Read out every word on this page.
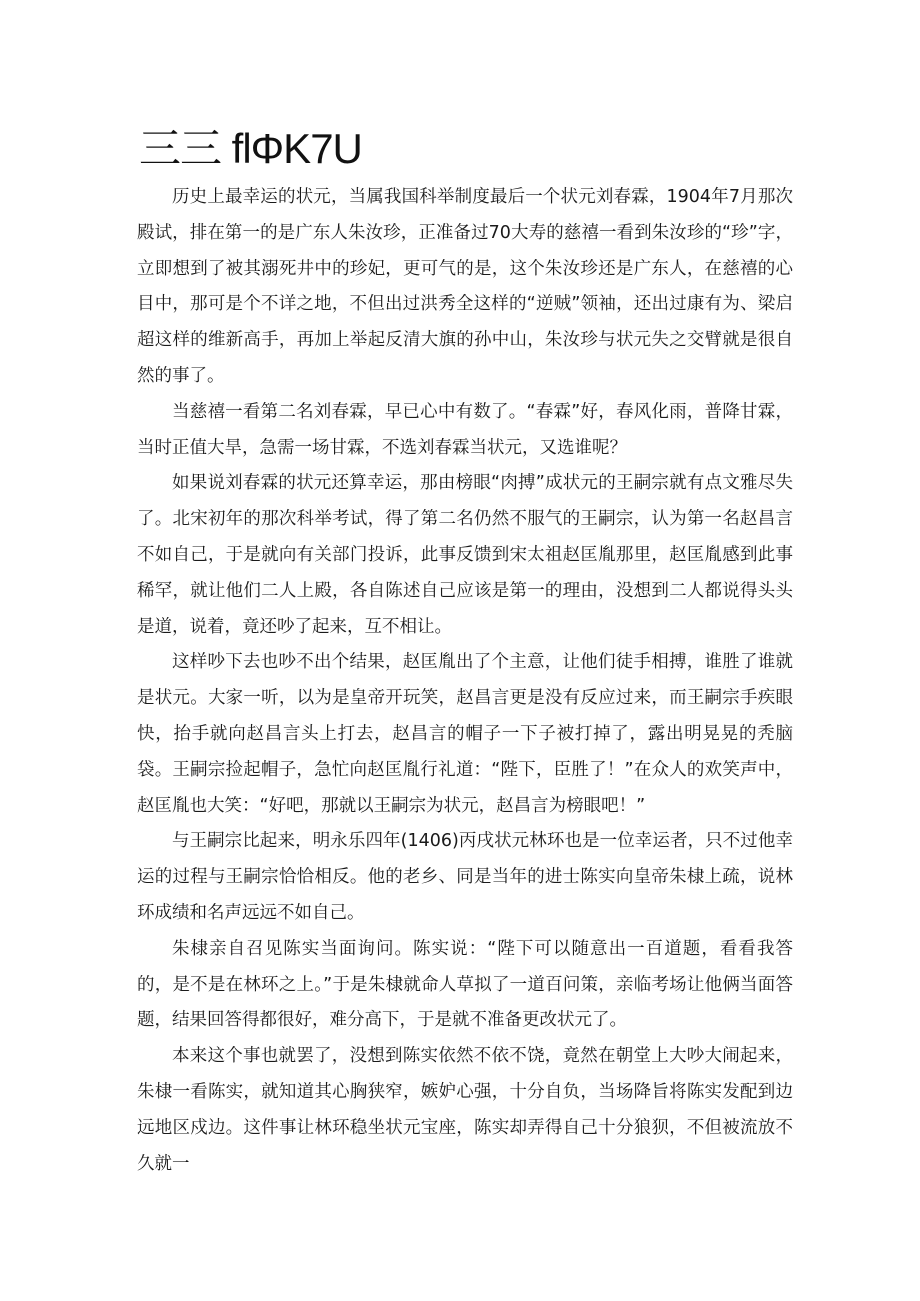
三三 flΦK7U

历史上最幸运的状元，当属我国科举制度最后一个状元刘春霖，1904年7月那次殿试，排在第一的是广东人朱汝珍，正准备过70大寿的慈禧一看到朱汝珍的“珍”字，立即想到了被其溺死井中的珍妃，更可气的是，这个朱汝珍还是广东人，在慈禧的心目中，那可是个不详之地，不但出过洪秀全这样的“逆贼”领袖，还出过康有为、梁启超这样的维新高手，再加上举起反清大旗的孙中山，朱汝珍与状元失之交臂就是很自然的事了。

当慈禧一看第二名刘春霖，早已心中有数了。“春霖”好，春风化雨，普降甘霖，当时正值大旱，急需一场甘霖，不选刘春霖当状元，又选谁呢？

如果说刘春霖的状元还算幸运，那由榜眼“肉搏”成状元的王嗣宗就有点文雅尽失了。北宋初年的那次科举考试，得了第二名仍然不服气的王嗣宗，认为第一名赵昌言不如自己，于是就向有关部门投诉，此事反馈到宋太祖赵匡胤那里，赵匡胤感到此事稀罕，就让他们二人上殿，各自陈述自己应该是第一的理由，没想到二人都说得头头是道，说着，竟还吵了起来，互不相让。

这样吵下去也吵不出个结果，赵匡胤出了个主意，让他们徒手相搏，谁胜了谁就是状元。大家一听，以为是皇帝开玩笑，赵昌言更是没有反应过来，而王嗣宗手疾眼快，抬手就向赵昌言头上打去，赵昌言的帽子一下子被打掉了，露出明晃晃的秃脑袋。王嗣宗捡起帽子，急忙向赵匡胤行礼道：“陛下，臣胜了！”在众人的欢笑声中，赵匡胤也大笑：“好吧，那就以王嗣宗为状元，赵昌言为榜眼吧！”

与王嗣宗比起来，明永乐四年(1406)丙戌状元林环也是一位幸运者，只不过他幸运的过程与王嗣宗恰恰相反。他的老乡、同是当年的进士陈实向皇帝朱棣上疏，说林环成绩和名声远远不如自己。

朱棣亲自召见陈实当面询问。陈实说：“陛下可以随意出一百道题，看看我答的，是不是在林环之上。”于是朱棣就命人草拟了一道百问策，亲临考场让他俩当面答题，结果回答得都很好，难分高下，于是就不准备更改状元了。

本来这个事也就罢了，没想到陈实依然不依不饶，竟然在朝堂上大吵大闹起来，朱棣一看陈实，就知道其心胸狭窄，嫉妒心强，十分自负，当场降旨将陈实发配到边远地区戍边。这件事让林环稳坐状元宝座，陈实却弄得自己十分狼狈，不但被流放不久就一
